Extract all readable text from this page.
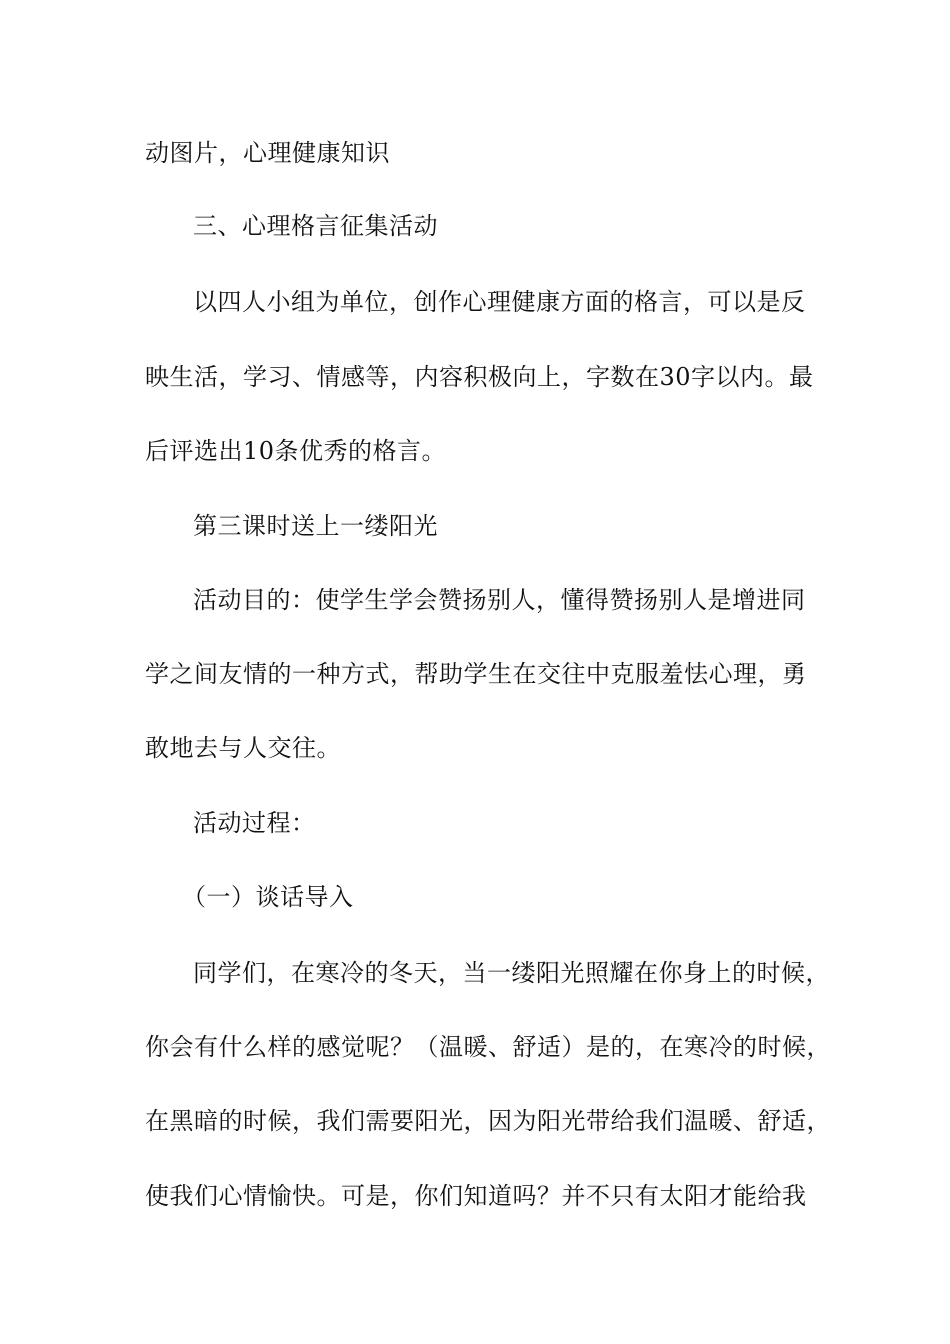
动图片，心理健康知识
三、心理格言征集活动
以四人小组为单位，创作心理健康方面的格言，可以是反
映生活，学习、情感等，内容积极向上，字数在30字以内。最
后评选出10条优秀的格言。
第三课时送上一缕阳光
活动目的：使学生学会赞扬别人，懂得赞扬别人是增进同
学之间友情的一种方式，帮助学生在交往中克服羞怯心理，勇
敢地去与人交往。
活动过程：
（一）谈话导入
同学们，在寒冷的冬天，当一缕阳光照耀在你身上的时候，
你会有什么样的感觉呢？（温暖、舒适）是的，在寒冷的时候，
在黑暗的时候，我们需要阳光，因为阳光带给我们温暖、舒适，
使我们心情愉快。可是，你们知道吗？并不只有太阳才能给我
